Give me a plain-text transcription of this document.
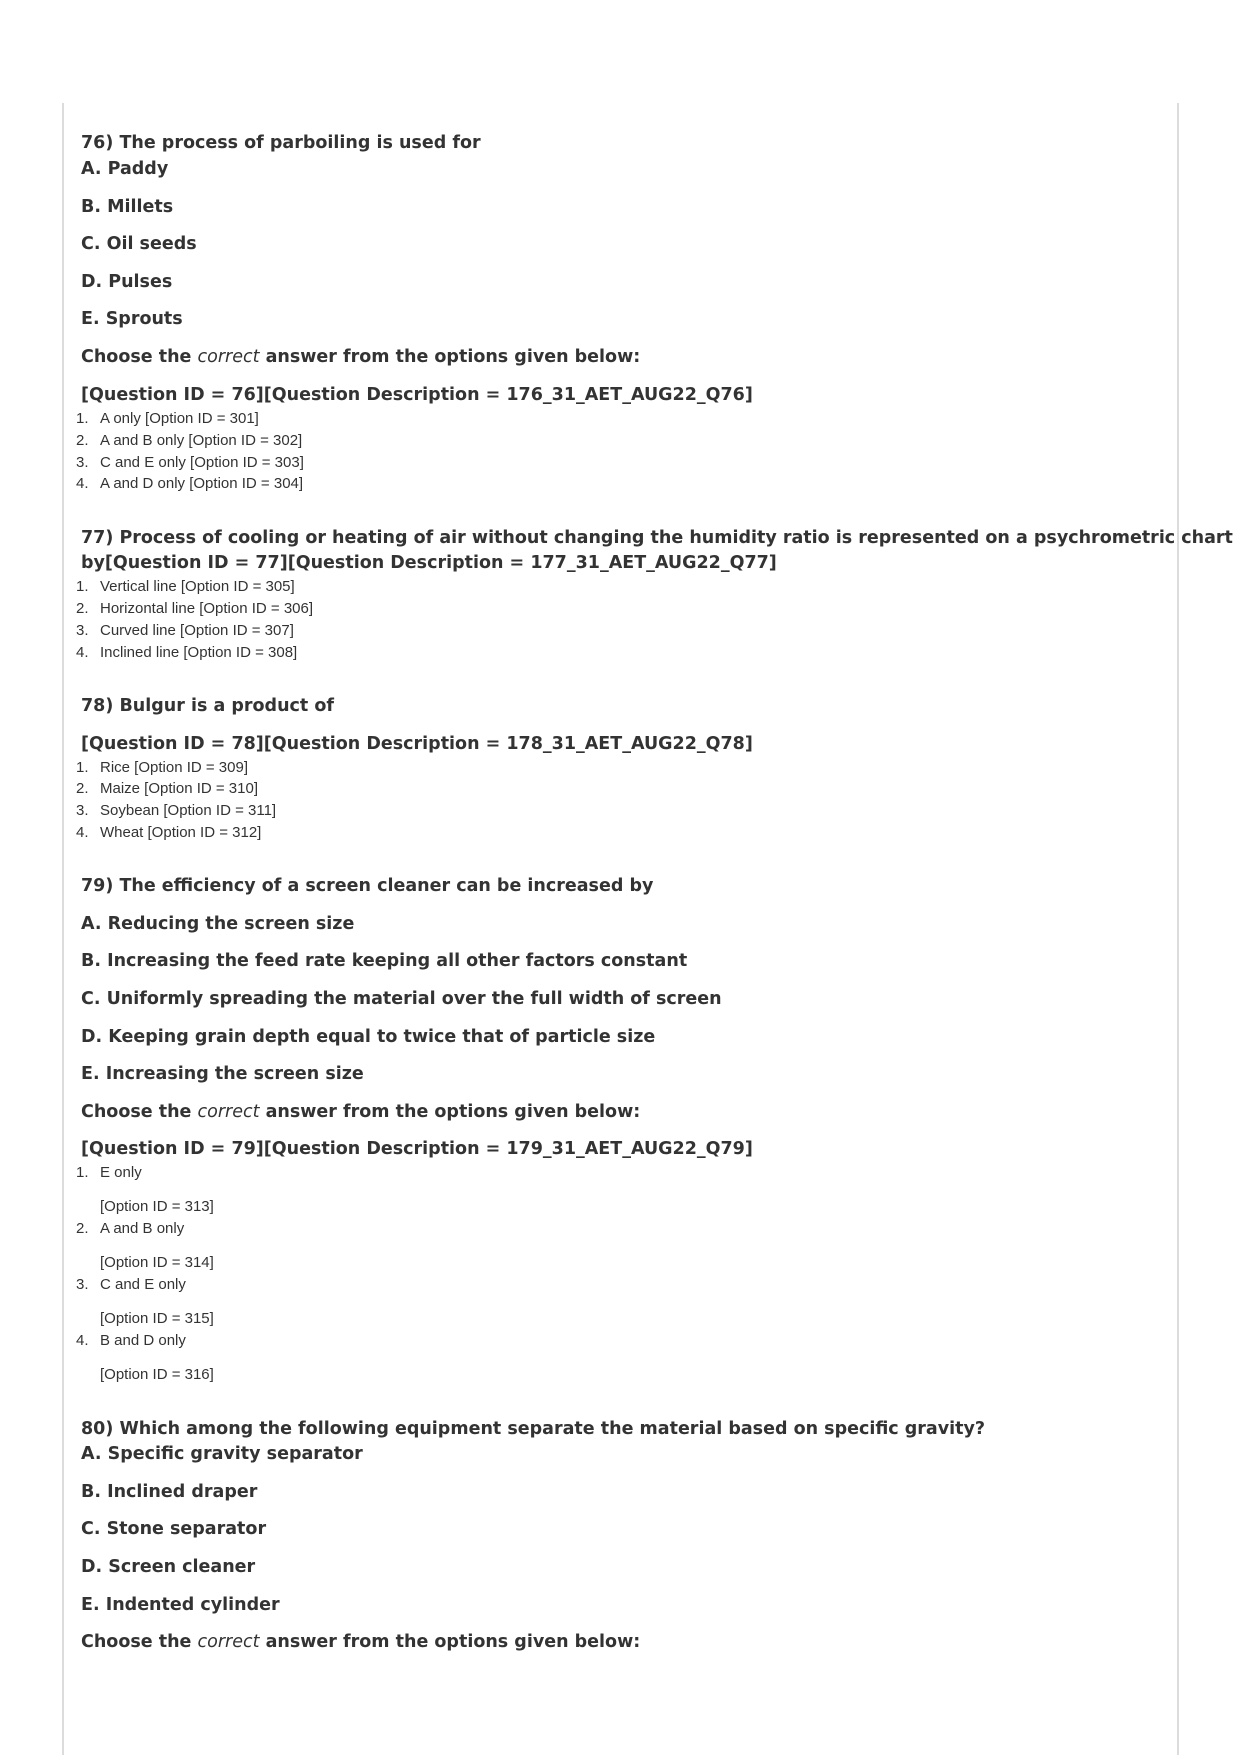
76) The process of parboiling is used for
A. Paddy
B. Millets
C. Oil seeds
D. Pulses
E. Sprouts
Choose the correct answer from the options given below:
[Question ID = 76][Question Description = 176_31_AET_AUG22_Q76]
1. A only [Option ID = 301]
2. A and B only [Option ID = 302]
3. C and E only [Option ID = 303]
4. A and D only [Option ID = 304]
77) Process of cooling or heating of air without changing the humidity ratio is represented on a psychrometric chart
by[Question ID = 77][Question Description = 177_31_AET_AUG22_Q77]
1. Vertical line [Option ID = 305]
2. Horizontal line [Option ID = 306]
3. Curved line [Option ID = 307]
4. Inclined line [Option ID = 308]
78) Bulgur is a product of
[Question ID = 78][Question Description = 178_31_AET_AUG22_Q78]
1. Rice [Option ID = 309]
2. Maize [Option ID = 310]
3. Soybean [Option ID = 311]
4. Wheat [Option ID = 312]
79) The efficiency of a screen cleaner can be increased by
A. Reducing the screen size
B. Increasing the feed rate keeping all other factors constant
C. Uniformly spreading the material over the full width of screen
D. Keeping grain depth equal to twice that of particle size
E. Increasing the screen size
Choose the correct answer from the options given below:
[Question ID = 79][Question Description = 179_31_AET_AUG22_Q79]
1. E only
[Option ID = 313]
2. A and B only
[Option ID = 314]
3. C and E only
[Option ID = 315]
4. B and D only
[Option ID = 316]
80) Which among the following equipment separate the material based on specific gravity?
A. Specific gravity separator
B. Inclined draper
C. Stone separator
D. Screen cleaner
E. Indented cylinder
Choose the correct answer from the options given below:
